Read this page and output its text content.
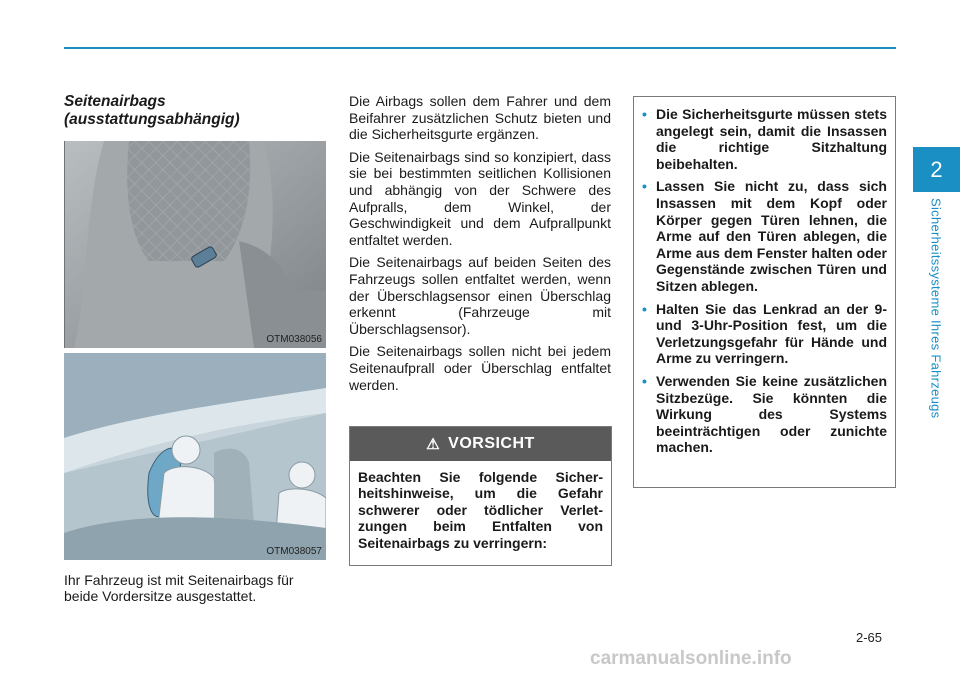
2
Sicherheitssysteme Ihres Fahrzeugs
Seitenairbags
(ausstattungsabhängig)
OTM038056
OTM038057
Ihr Fahrzeug ist mit Seitenairbags für beide Vordersitze ausgestattet.

Die Airbags sollen dem Fahrer und dem Beifahrer zusätzlichen Schutz bieten und die Sicherheitsgurte ergänzen.

Die Seitenairbags sind so konzipiert, dass sie bei bestimmten seitlichen Kollisionen und abhängig von der Schwere des Aufpralls, dem Winkel, der Geschwindigkeit und dem Aufprallpunkt entfaltet werden.

Die Seitenairbags auf beiden Seiten des Fahrzeugs sollen entfaltet werden, wenn der Überschlagsensor einen Überschlag erkennt (Fahrzeuge mit Überschlagsensor).

Die Seitenairbags sollen nicht bei jedem Seitenaufprall oder Überschlag entfaltet werden.

⚠ VORSICHT
Beachten Sie folgende Sicher-heitshinweise, um die Gefahr schwerer oder tödlicher Verlet-zungen beim Entfalten von Seitenairbags zu verringern:
• Die Sicherheitsgurte müssen stets angelegt sein, damit die Insassen die richtige Sitzhaltung beibehalten.
• Lassen Sie nicht zu, dass sich Insassen mit dem Kopf oder Körper gegen Türen lehnen, die Arme auf den Türen ablegen, die Arme aus dem Fenster halten oder Gegenstände zwischen Türen und Sitzen ablegen.
• Halten Sie das Lenkrad an der 9- und 3-Uhr-Position fest, um die Verletzungsgefahr für Hände und Arme zu verringern.
• Verwenden Sie keine zusätzlichen Sitzbezüge. Sie könnten die Wirkung des Systems beeinträchtigen oder zunichte machen.
2-65
carmanualsonline.info
